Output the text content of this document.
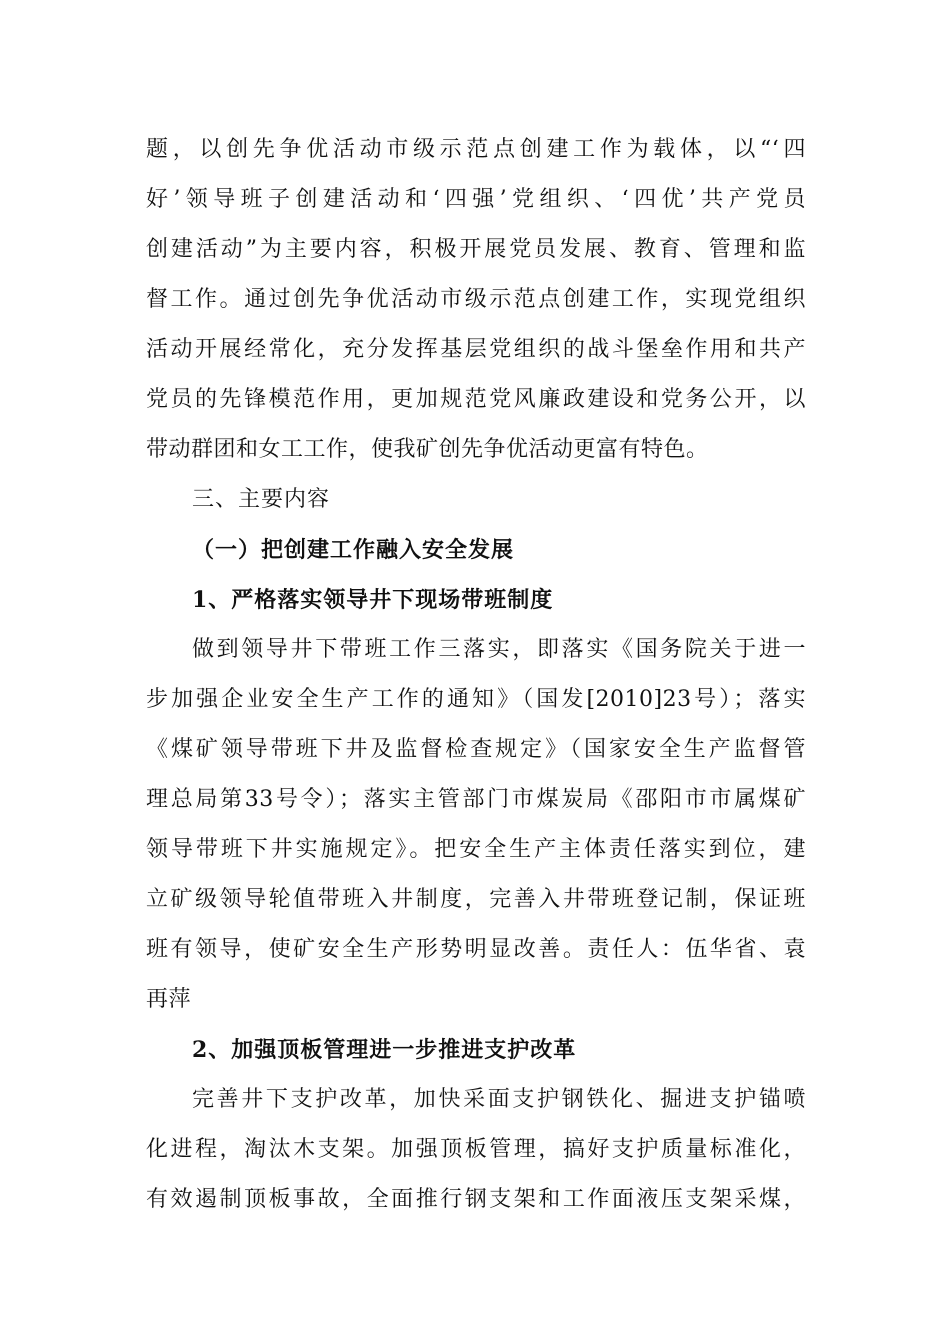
题，以创先争优活动市级示范点创建工作为载体，以“‘四
好’领导班子创建活动和‘四强’党组织、‘四优’共产党员
创建活动”为主要内容，积极开展党员发展、教育、管理和监
督工作。通过创先争优活动市级示范点创建工作，实现党组织
活动开展经常化，充分发挥基层党组织的战斗堡垒作用和共产
党员的先锋模范作用，更加规范党风廉政建设和党务公开，以
带动群团和女工工作，使我矿创先争优活动更富有特色。
三、主要内容
（一）把创建工作融入安全发展
1、严格落实领导井下现场带班制度
做到领导井下带班工作三落实，即落实《国务院关于进一
步加强企业安全生产工作的通知》（国发[2010]23号）；落实
《煤矿领导带班下井及监督检查规定》（国家安全生产监督管
理总局第33号令）；落实主管部门市煤炭局《邵阳市市属煤矿
领导带班下井实施规定》。把安全生产主体责任落实到位，建
立矿级领导轮值带班入井制度，完善入井带班登记制，保证班
班有领导，使矿安全生产形势明显改善。责任人：伍华省、袁
再萍
2、加强顶板管理进一步推进支护改革
完善井下支护改革，加快采面支护钢铁化、掘进支护锚喷
化进程，淘汰木支架。加强顶板管理，搞好支护质量标准化，
有效遏制顶板事故，全面推行钢支架和工作面液压支架采煤，
